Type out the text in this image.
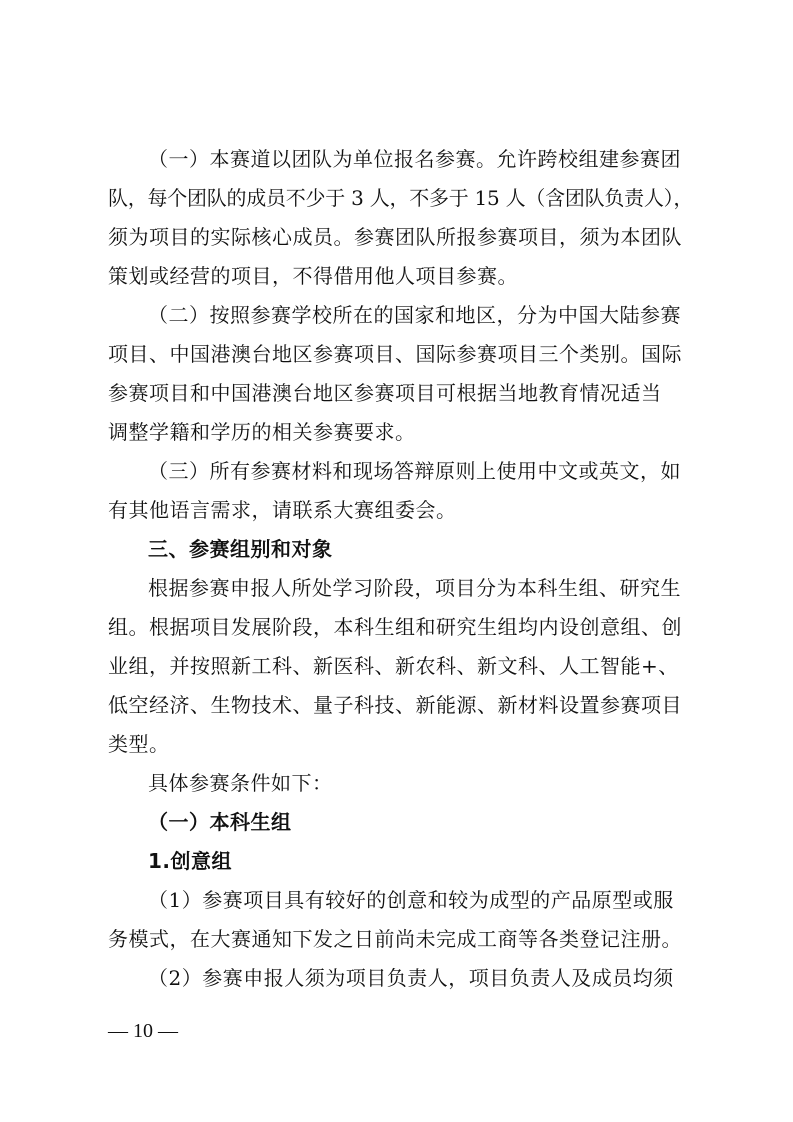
（一）本赛道以团队为单位报名参赛。允许跨校组建参赛团

队，每个团队的成员不少于 3 人，不多于 15 人（含团队负责人），

须为项目的实际核心成员。参赛团队所报参赛项目，须为本团队

策划或经营的项目，不得借用他人项目参赛。

（二）按照参赛学校所在的国家和地区，分为中国大陆参赛

项目、中国港澳台地区参赛项目、国际参赛项目三个类别。国际

参赛项目和中国港澳台地区参赛项目可根据当地教育情况适当

调整学籍和学历的相关参赛要求。

（三）所有参赛材料和现场答辩原则上使用中文或英文，如

有其他语言需求，请联系大赛组委会。

三、参赛组别和对象

根据参赛申报人所处学习阶段，项目分为本科生组、研究生

组。根据项目发展阶段，本科生组和研究生组均内设创意组、创

业组，并按照新工科、新医科、新农科、新文科、人工智能+、

低空经济、生物技术、量子科技、新能源、新材料设置参赛项目

类型。

具体参赛条件如下：

（一）本科生组

1.创意组

（1）参赛项目具有较好的创意和较为成型的产品原型或服

务模式，在大赛通知下发之日前尚未完成工商等各类登记注册。

（2）参赛申报人须为项目负责人，项目负责人及成员均须

— 10 —
